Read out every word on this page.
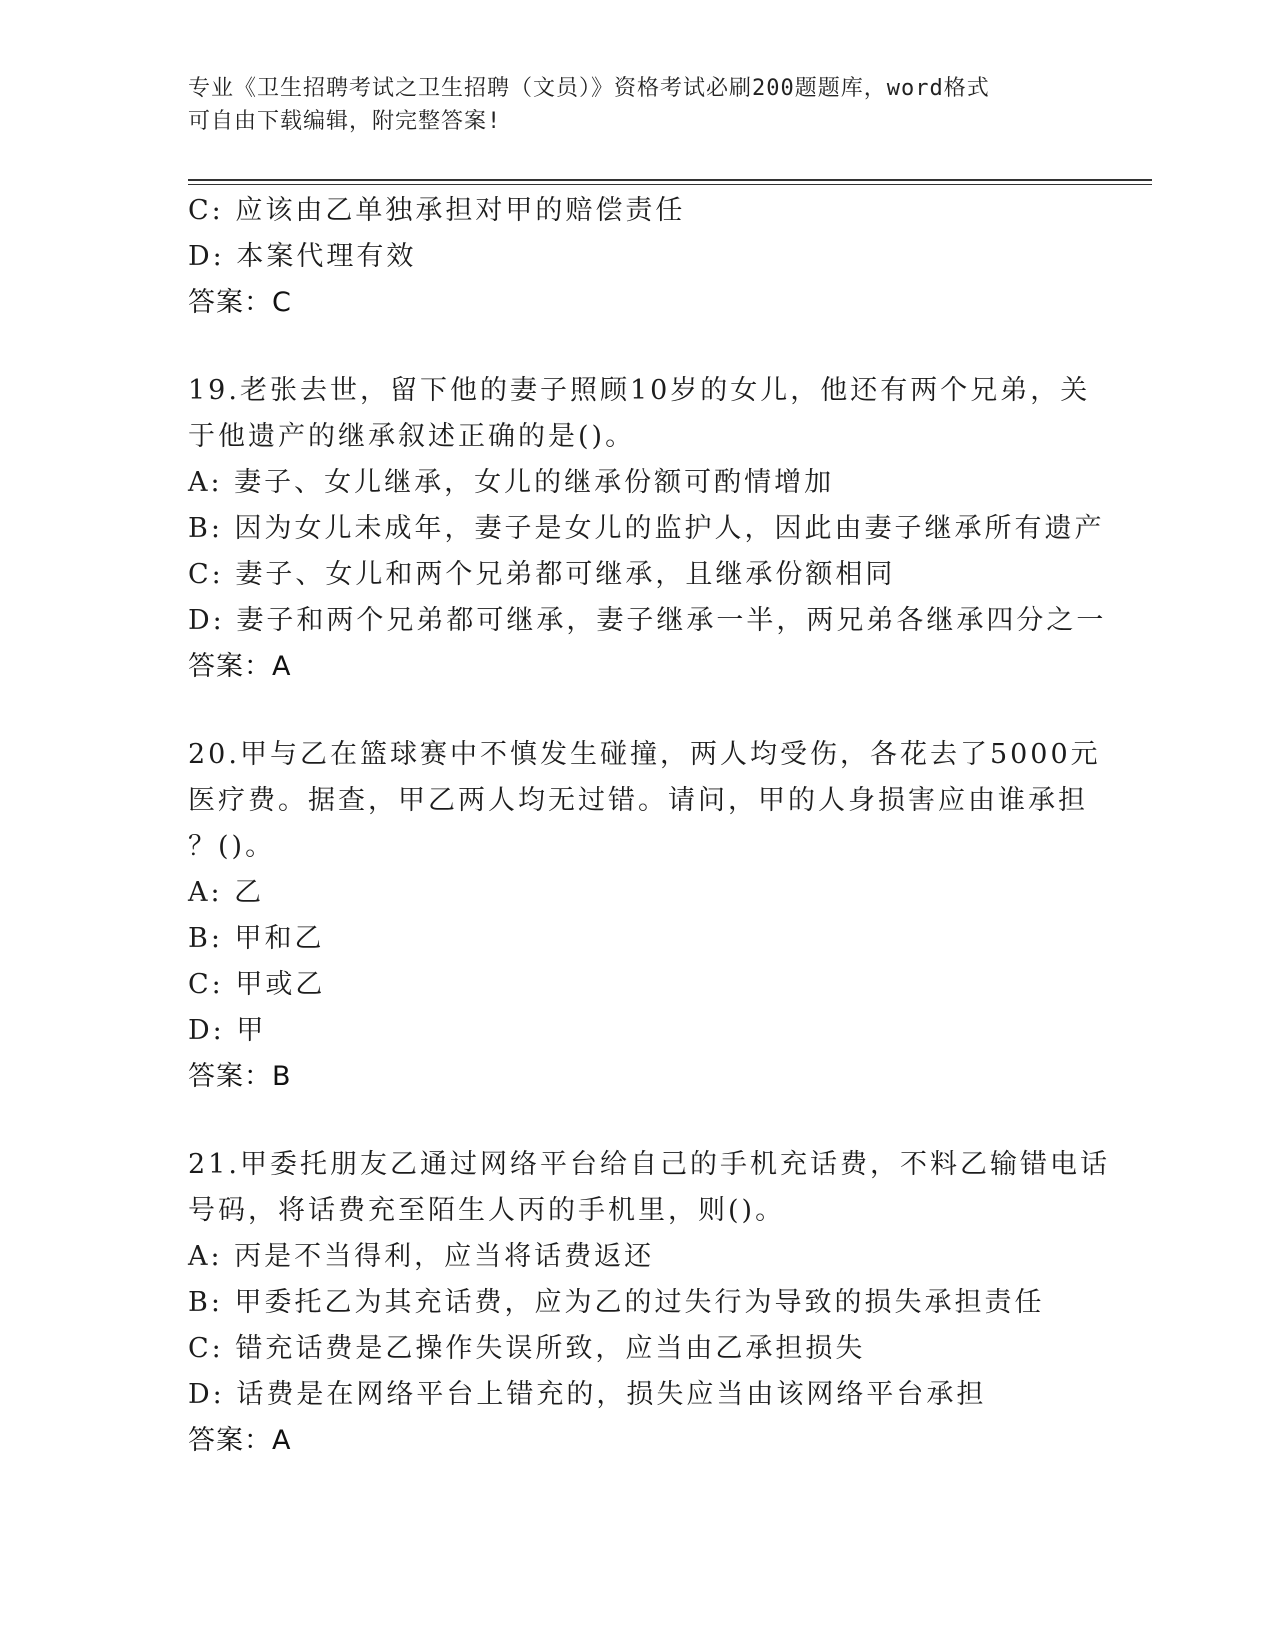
专业《卫生招聘考试之卫生招聘（文员）》资格考试必刷200题题库，word格式
可自由下载编辑，附完整答案!
C: 应该由乙单独承担对甲的赔偿责任
D: 本案代理有效
答案：C
19.老张去世，留下他的妻子照顾10岁的女儿，他还有两个兄弟，关
于他遗产的继承叙述正确的是()。
A: 妻子、女儿继承，女儿的继承份额可酌情增加
B: 因为女儿未成年，妻子是女儿的监护人，因此由妻子继承所有遗产
C: 妻子、女儿和两个兄弟都可继承，且继承份额相同
D: 妻子和两个兄弟都可继承，妻子继承一半，两兄弟各继承四分之一
答案：A
20.甲与乙在篮球赛中不慎发生碰撞，两人均受伤，各花去了5000元
医疗费。据查，甲乙两人均无过错。请问，甲的人身损害应由谁承担
？()。
A: 乙
B: 甲和乙
C: 甲或乙
D: 甲
答案：B
21.甲委托朋友乙通过网络平台给自己的手机充话费，不料乙输错电话
号码，将话费充至陌生人丙的手机里，则()。
A: 丙是不当得利，应当将话费返还
B: 甲委托乙为其充话费，应为乙的过失行为导致的损失承担责任
C: 错充话费是乙操作失误所致，应当由乙承担损失
D: 话费是在网络平台上错充的，损失应当由该网络平台承担
答案：A
